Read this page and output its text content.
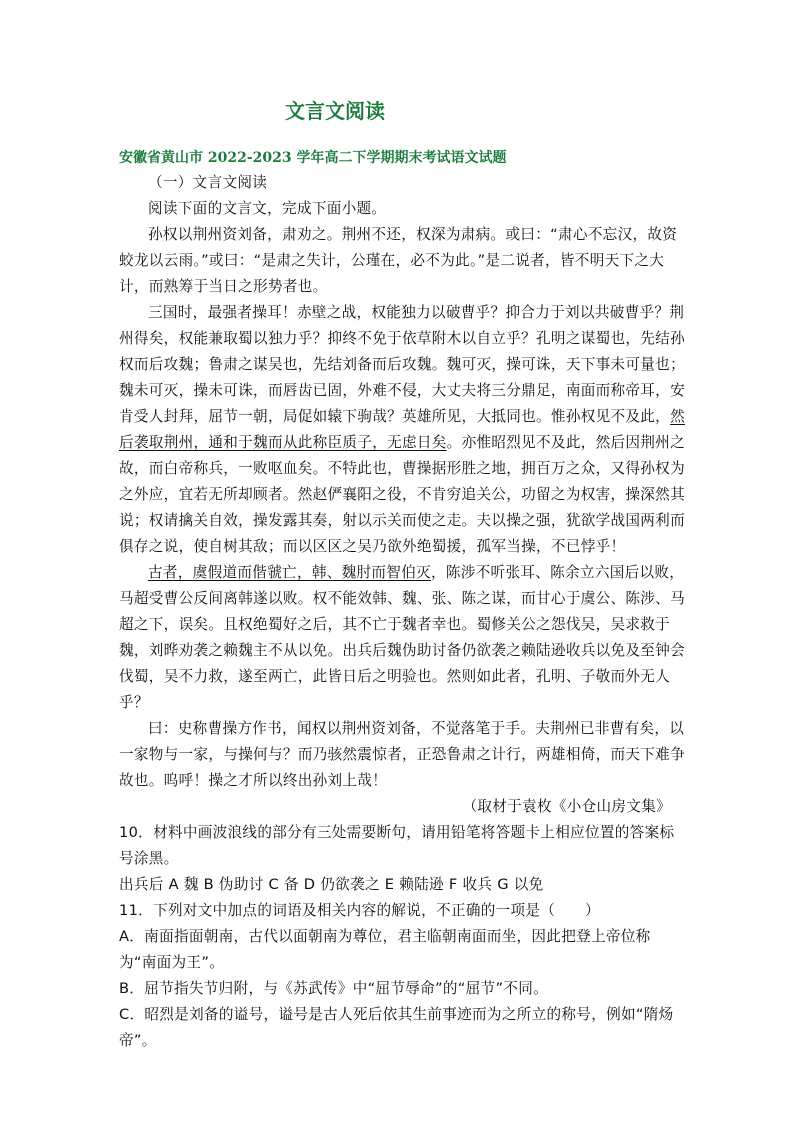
文言文阅读
安徽省黄山市 2022-2023 学年高二下学期期末考试语文试题

（一）文言文阅读

阅读下面的文言文，完成下面小题。

孙权以荆州资刘备，肃劝之。荆州不还，权深为肃病。或曰：“肃心不忘汉，故资蛟龙以云雨。”或曰：“是肃之失计，公瑾在，必不为此。”是二说者，皆不明天下之大计，而熟筹于当日之形势者也。

三国时，最强者操耳！赤壁之战，权能独力以破曹乎？抑合力于刘以共破曹乎？荆州得矣，权能兼取蜀以独力乎？抑终不免于依草附木以自立乎？孔明之谋蜀也，先结孙权而后攻魏；鲁肃之谋吴也，先结刘备而后攻魏。魏可灭，操可诛，天下事未可量也；魏未可灭，操未可诛，而唇齿已固，外难不侵，大丈夫将三分鼎足，南面而称帝耳，安肯受人封拜，屈节一朝，局促如辕下驹哉？英雄所见，大抵同也。惟孙权见不及此，然后袭取荆州，通和于魏而从此称臣质子，无虑日矣。亦惟昭烈见不及此，然后因荆州之故，而白帝称兵，一败呕血矣。不特此也，曹操据形胜之地，拥百万之众，又得孙权为之外应，宜若无所却顾者。然赵俨襄阳之役，不肯穷追关公，功留之为权害，操深然其说；权请擒关自效，操发露其奏，射以示关而使之走。夫以操之强，犹欲学战国两利而俱存之说，使自树其敌；而以区区之吴乃欲外绝蜀援，孤军当操，不已悖乎！

古者，虞假道而偕虢亡，韩、魏肘而智伯灭，陈涉不听张耳、陈余立六国后以败，马超受曹公反间离韩遂以败。权不能效韩、魏、张、陈之谋，而甘心于虞公、陈涉、马超之下，误矣。且权绝蜀好之后，其不亡于魏者幸也。蜀修关公之怨伐吴，吴求救于魏，刘晔劝袭之赖魏主不从以免。出兵后魏伪助讨备仍欲袭之赖陆逊收兵以免及至钟会伐蜀，吴不力救，遂至两亡，此皆日后之明验也。然则如此者，孔明、子敬而外无人乎？

曰：史称曹操方作书，闻权以荆州资刘备，不觉落笔于手。夫荆州已非曹有矣，以一家物与一家，与操何与？而乃骇然震惊者，正恐鲁肃之计行，两雄相倚，而天下难争故也。呜呼！操之才所以终出孙刘上哉！

（取材于袁枚《小仓山房文集》

10．材料中画波浪线的部分有三处需要断句，请用铅笔将答题卡上相应位置的答案标号涂黑。

出兵后 A 魏 B 伪助讨 C 备 D 仍欲袭之 E 赖陆逊 F 收兵 G 以免

11．下列对文中加点的词语及相关内容的解说，不正确的一项是（　　）

A．南面指面朝南，古代以面朝南为尊位，君主临朝南面而坐，因此把登上帝位称为“南面为王”。

B．屈节指失节归附，与《苏武传》中“屈节辱命”的“屈节”不同。

C．昭烈是刘备的谥号，谥号是古人死后依其生前事迹而为之所立的称号，例如“隋炀帝”。
